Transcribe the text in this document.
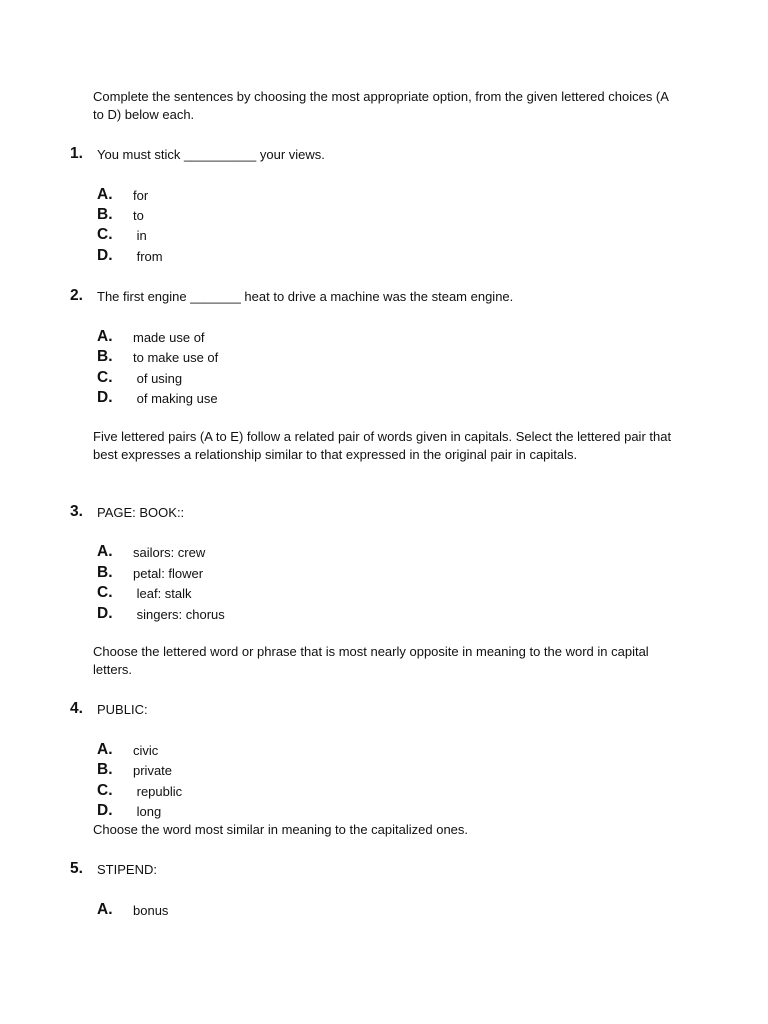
Complete the sentences by choosing the most appropriate option, from the given lettered choices (A to D) below each.

1.	You must stick __________ your views.
A.	for
B.	to
C.	in
D.	from
2.	The first engine _______ heat to drive a machine was the steam engine.
A.	made use of
B.	to make use of
C.	of using
D.	of making use

Five lettered pairs (A to E) follow a related pair of words given in capitals. Select the lettered pair that best expresses a relationship similar to that expressed in the original pair in capitals.

3.	PAGE: BOOK::
A.	sailors: crew
B.	petal: flower
C.	leaf: stalk
D.	singers: chorus

Choose the lettered word or phrase that is most nearly opposite in meaning to the word in capital letters.

4.	PUBLIC:
A.	civic
B.	private
C.	republic
D.	long

Choose the word most similar in meaning to the capitalized ones.

5.	STIPEND:
A.	bonus
